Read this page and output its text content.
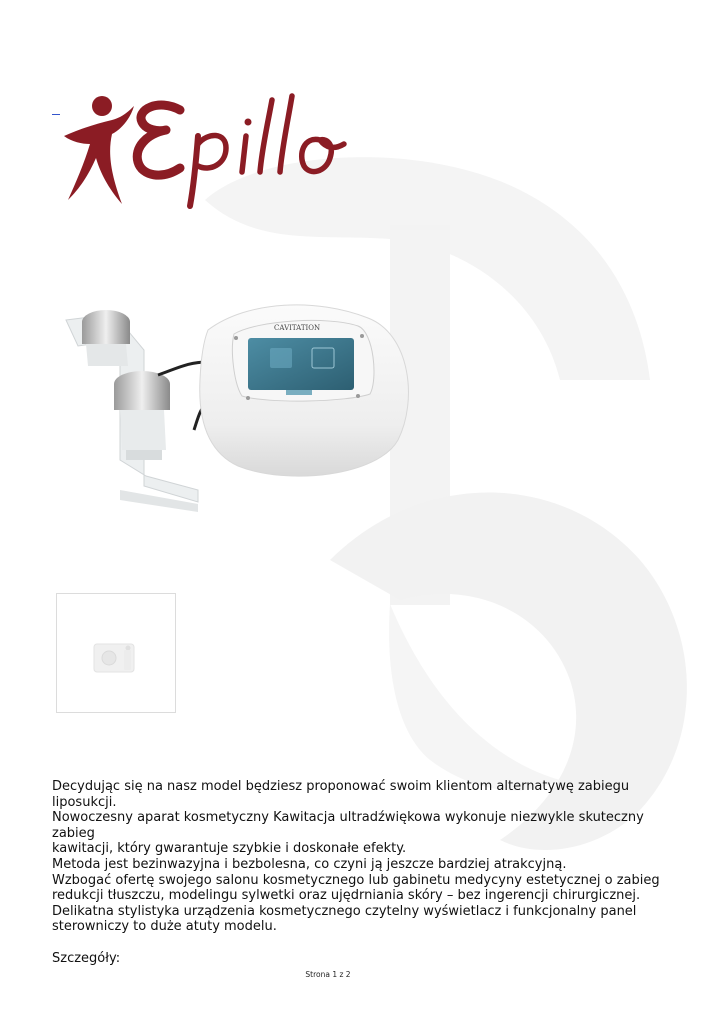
CAVITATION

Decydując się na nasz model będziesz proponować swoim klientom alternatywę zabiegu liposukcji.

Nowoczesny aparat kosmetyczny Kawitacja ultradźwiękowa wykonuje niezwykle skuteczny zabieg

kawitacji, który gwarantuje szybkie i doskonałe efekty.

Metoda jest bezinwazyjna i bezbolesna, co czyni ją jeszcze bardziej atrakcyjną.

Wzbogać ofertę swojego salonu kosmetycznego lub gabinetu medycyny estetycznej o zabieg

redukcji tłuszczu, modelingu sylwetki oraz ujędrniania skóry – bez ingerencji chirurgicznej.

Delikatna stylistyka urządzenia kosmetycznego czytelny wyświetlacz i funkcjonalny panel

sterowniczy to duże atuty modelu.

Szczegóły:

Strona 1 z 2
